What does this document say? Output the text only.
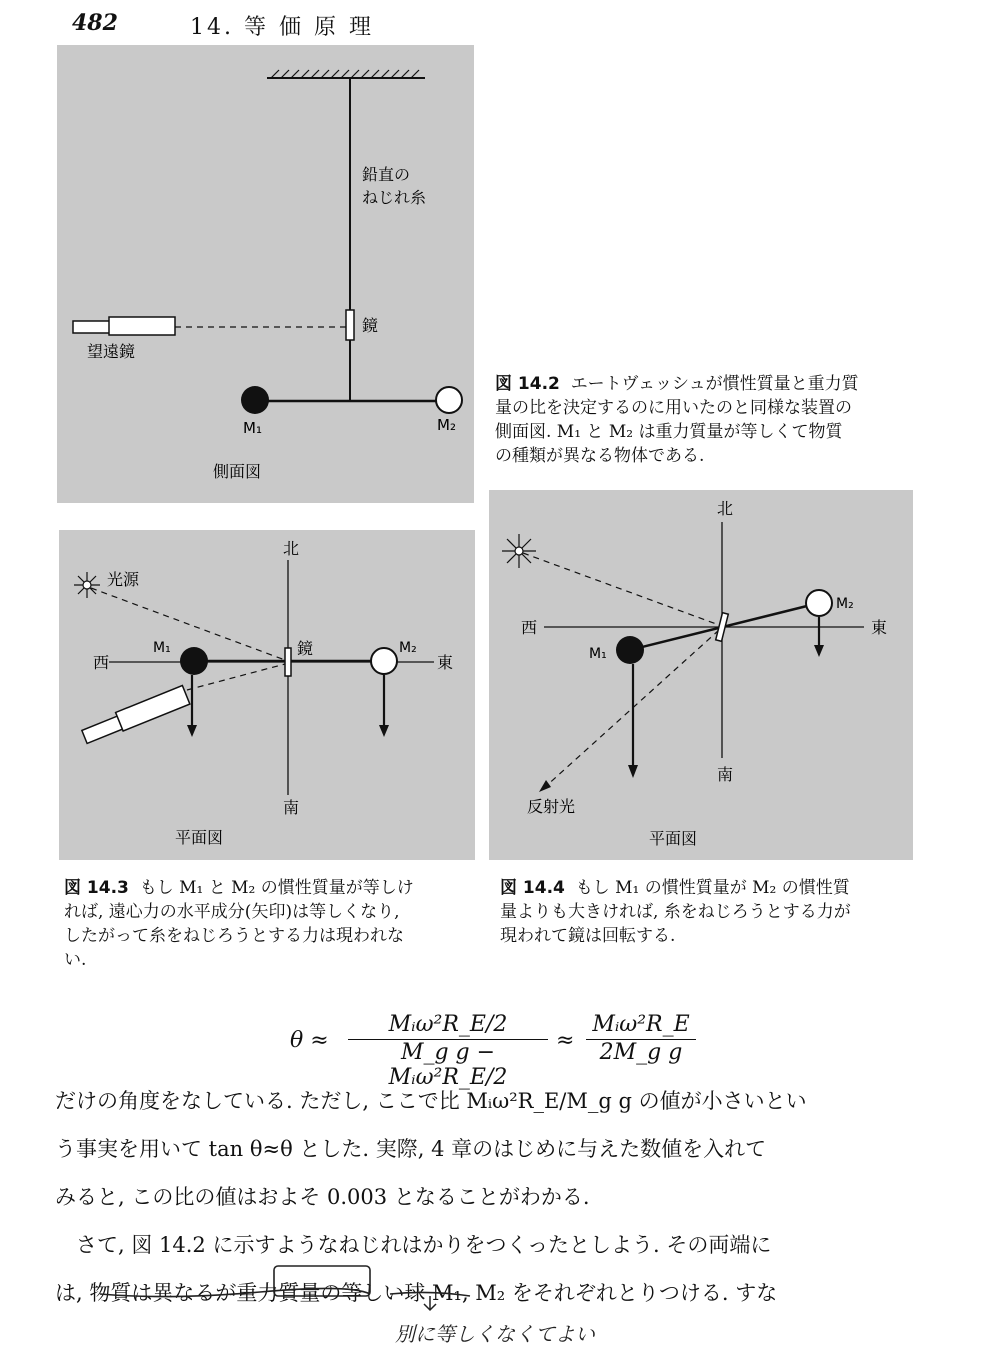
482	14. 等 価 原 理
鉛直の
ねじれ糸
鏡
望遠鏡
M₁	M₂
側面図
図 14.2 エートヴェッシュが慣性質量と重力質
量の比を決定するのに用いたのと同様な装置の
側面図. M₁ と M₂ は重力質量が等しくて物質
の種類が異なる物体である.
北
南
西	東
光源
鏡
M₁	M₂
平面図
図 14.3 もし M₁ と M₂ の慣性質量が等しけ
れば, 遠心力の水平成分(矢印)は等しくなり,
したがって糸をねじろうとする力は現われな
い.
北
南
西	東
反射光
M₁
M₂
平面図
図 14.4 もし M₁ の慣性質量が M₂ の慣性質
量よりも大きければ, 糸をねじろうとする力が
現われて鏡は回転する.
θ ≈
Mᵢω²R_E/2
M_g g − Mᵢω²R_E/2
≈
Mᵢω²R_E
2M_g g
だけの角度をなしている. ただし, ここで比 Mᵢω²R_E/M_g g の値が小さいとい
う事実を用いて tan θ≈θ とした. 実際, 4 章のはじめに与えた数値を入れて
みると, この比の値はおよそ 0.003 となることがわかる.
　さて, 図 14.2 に示すようなねじれはかりをつくったとしよう. その両端に
は, 物質は異なるが重力質量の等しい球 M₁, M₂ をそれぞれとりつける. すな
別に等しくなくてよい
